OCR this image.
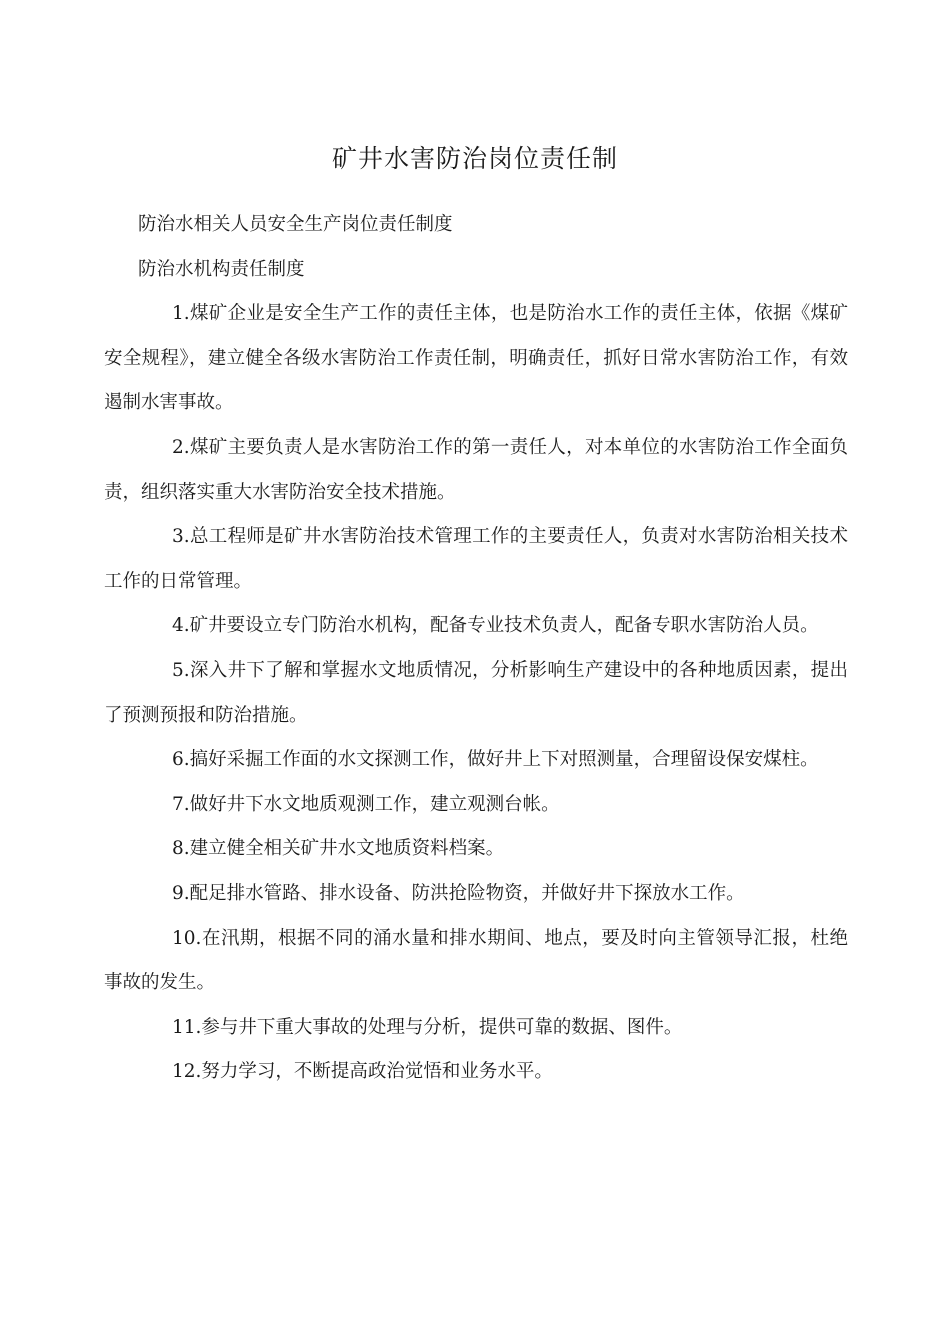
矿井水害防治岗位责任制

防治水相关人员安全生产岗位责任制度

防治水机构责任制度

1.煤矿企业是安全生产工作的责任主体，也是防治水工作的责任主体，依据《煤矿安全规程》，建立健全各级水害防治工作责任制，明确责任，抓好日常水害防治工作，有效遏制水害事故。

2.煤矿主要负责人是水害防治工作的第一责任人，对本单位的水害防治工作全面负责，组织落实重大水害防治安全技术措施。

3.总工程师是矿井水害防治技术管理工作的主要责任人，负责对水害防治相关技术工作的日常管理。

4.矿井要设立专门防治水机构，配备专业技术负责人，配备专职水害防治人员。

5.深入井下了解和掌握水文地质情况，分析影响生产建设中的各种地质因素，提出了预测预报和防治措施。

6.搞好采掘工作面的水文探测工作，做好井上下对照测量，合理留设保安煤柱。

7.做好井下水文地质观测工作，建立观测台帐。

8.建立健全相关矿井水文地质资料档案。

9.配足排水管路、排水设备、防洪抢险物资，并做好井下探放水工作。

10.在汛期，根据不同的涌水量和排水期间、地点，要及时向主管领导汇报，杜绝事故的发生。

11.参与井下重大事故的处理与分析，提供可靠的数据、图件。

12.努力学习，不断提高政治觉悟和业务水平。
